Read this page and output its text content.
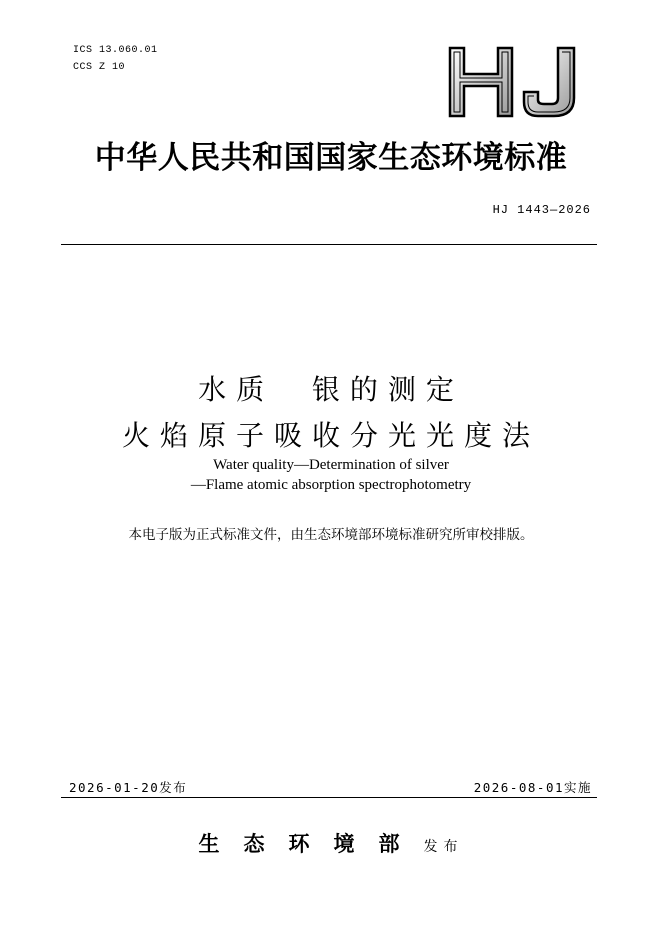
ICS 13.060.01
CCS Z 10
中华人民共和国国家生态环境标准
HJ 1443—2026
水质  银的测定
火焰原子吸收分光光度法
Water quality—Determination of silver
—Flame atomic absorption spectrophotometry
本电子版为正式标准文件，由生态环境部环境标准研究所审校排版。
2026-01-20发布	2026-08-01实施
生态环境部发布
